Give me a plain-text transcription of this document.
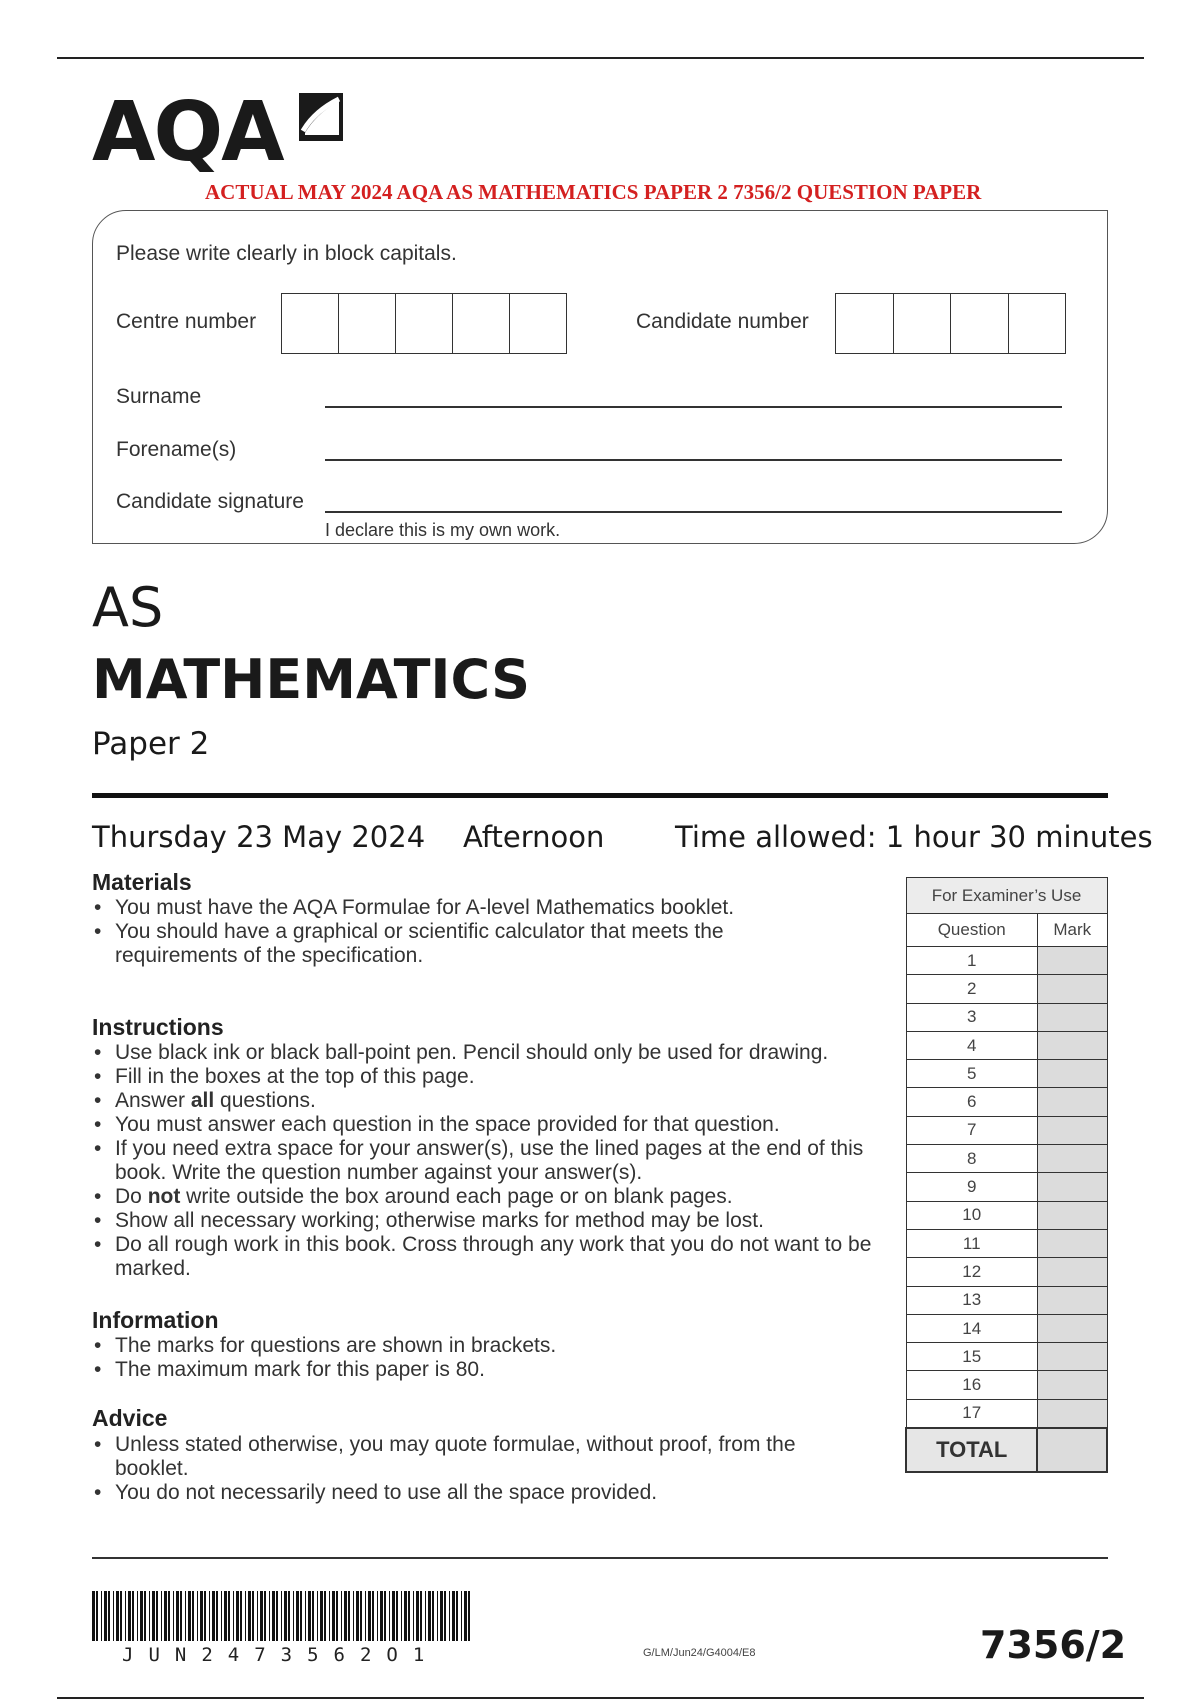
AQA
ACTUAL MAY 2024 AQA AS MATHEMATICS PAPER 2 7356/2 QUESTION PAPER
Please write clearly in block capitals.
Centre number	Candidate number
Surname
Forename(s)
Candidate signature
I declare this is my own work.
AS
MATHEMATICS
Paper 2
Thursday 23 May 2024 Afternoon Time allowed: 1 hour 30 minutes
Materials
• You must have the AQA Formulae for A-level Mathematics booklet.
• You should have a graphical or scientific calculator that meets the requirements of the specification.
Instructions
• Use black ink or black ball-point pen. Pencil should only be used for drawing.
• Fill in the boxes at the top of this page.
• Answer all questions.
• You must answer each question in the space provided for that question.
• If you need extra space for your answer(s), use the lined pages at the end of this book. Write the question number against your answer(s).
• Do not write outside the box around each page or on blank pages.
• Show all necessary working; otherwise marks for method may be lost.
• Do all rough work in this book. Cross through any work that you do not want to be marked.
Information
• The marks for questions are shown in brackets.
• The maximum mark for this paper is 80.
Advice
• Unless stated otherwise, you may quote formulae, without proof, from the booklet.
• You do not necessarily need to use all the space provided.
For Examiner’s Use	
Question	Mark
1	
2	
3	
4	
5	
6	
7	
8	
9	
10	
11	
12	
13	
14	
15	
16	
17	
TOTAL	
JUN2473562O1	G/LM/Jun24/G4004/E8	7356/2
